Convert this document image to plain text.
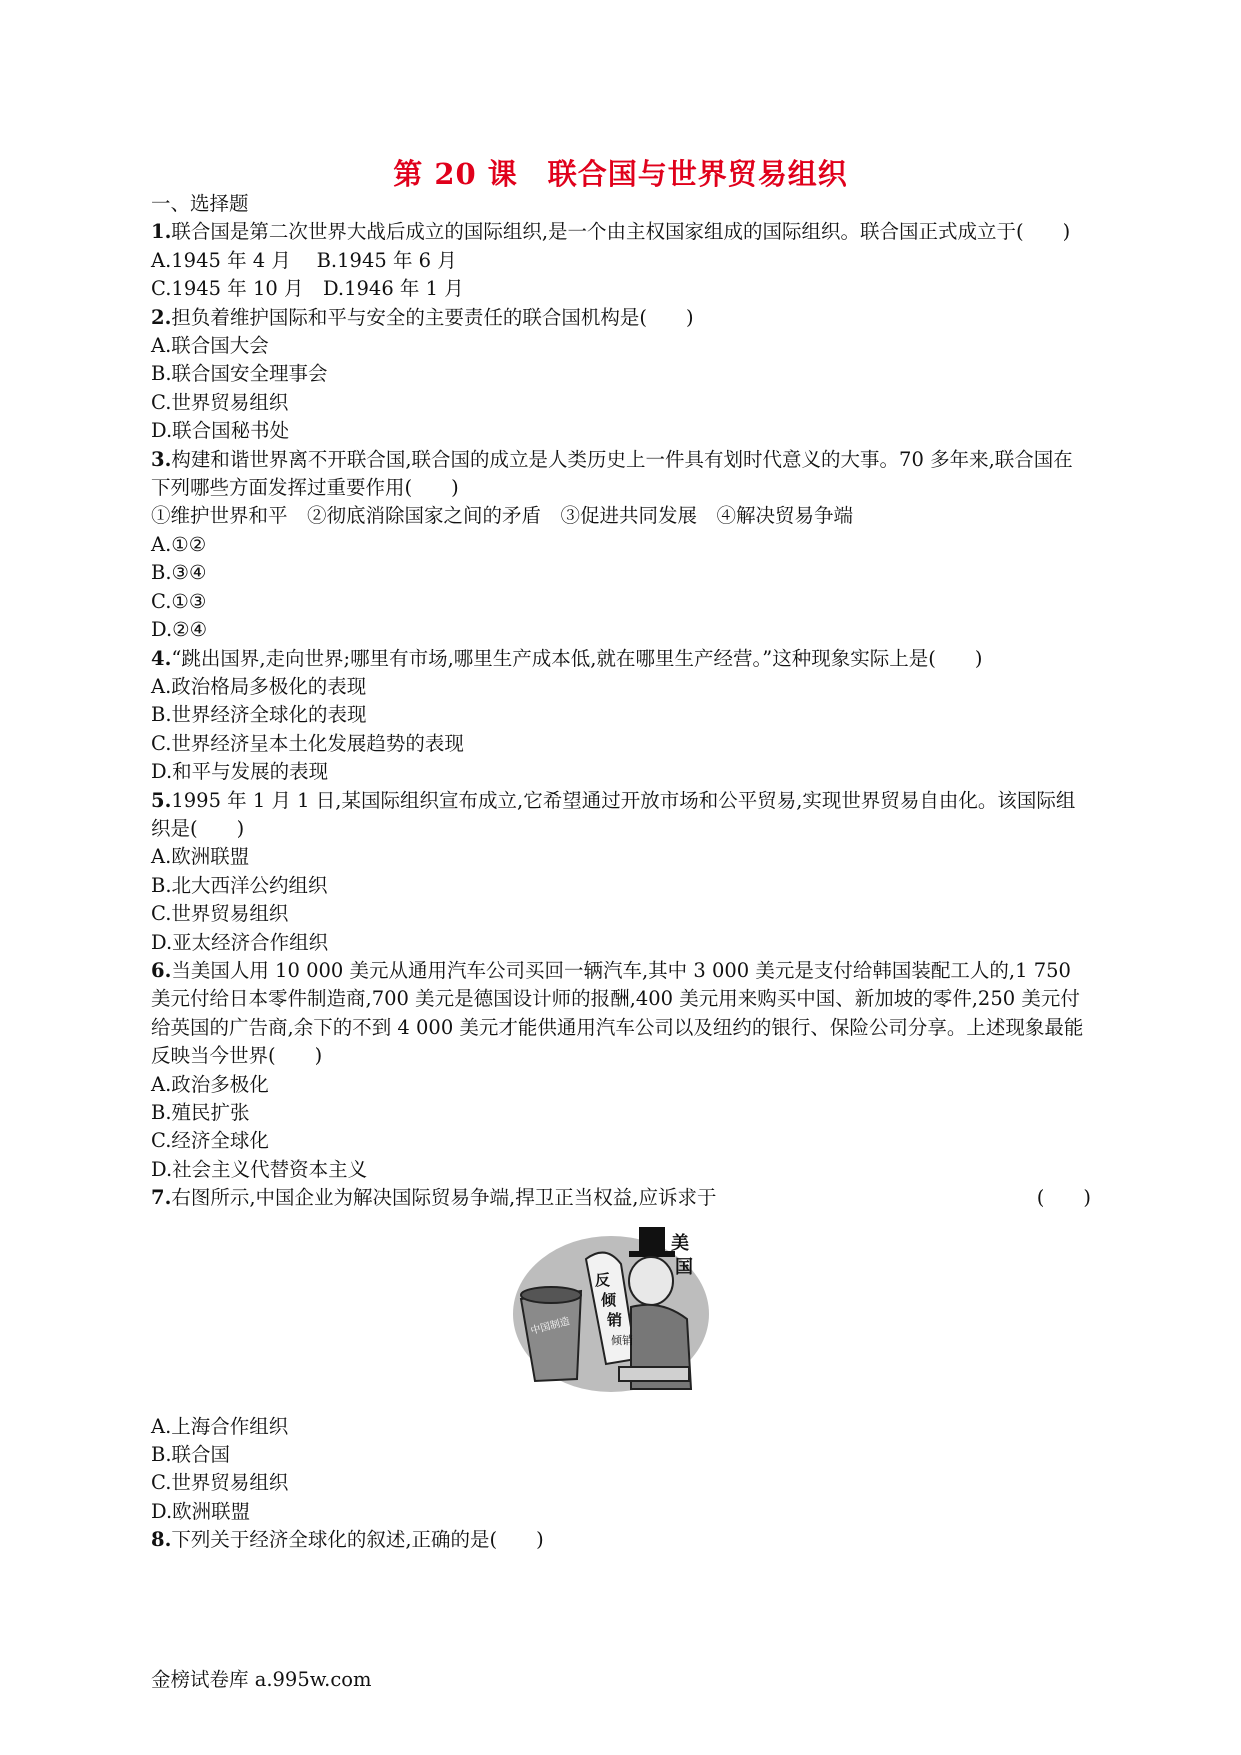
第 20 课　联合国与世界贸易组织
一、选择题
1.联合国是第二次世界大战后成立的国际组织,是一个由主权国家组成的国际组织。联合国正式成立于(　　)
A.1945 年 4 月　 B.1945 年 6 月
C.1945 年 10 月　D.1946 年 1 月
2.担负着维护国际和平与安全的主要责任的联合国机构是(　　)
A.联合国大会
B.联合国安全理事会
C.世界贸易组织
D.联合国秘书处
3.构建和谐世界离不开联合国,联合国的成立是人类历史上一件具有划时代意义的大事。70 多年来,联合国在下列哪些方面发挥过重要作用(　　)
①维护世界和平　②彻底消除国家之间的矛盾　③促进共同发展　④解决贸易争端
A.①②
B.③④
C.①③
D.②④
4.“跳出国界,走向世界;哪里有市场,哪里生产成本低,就在哪里生产经营。”这种现象实际上是(　　)
A.政治格局多极化的表现
B.世界经济全球化的表现
C.世界经济呈本土化发展趋势的表现
D.和平与发展的表现
5.1995 年 1 月 1 日,某国际组织宣布成立,它希望通过开放市场和公平贸易,实现世界贸易自由化。该国际组织是(　　)
A.欧洲联盟
B.北大西洋公约组织
C.世界贸易组织
D.亚太经济合作组织
6.当美国人用 10 000 美元从通用汽车公司买回一辆汽车,其中 3 000 美元是支付给韩国装配工人的,1 750 美元付给日本零件制造商,700 美元是德国设计师的报酬,400 美元用来购买中国、新加坡的零件,250 美元付给英国的广告商,余下的不到 4 000 美元才能供通用汽车公司以及纽约的银行、保险公司分享。上述现象最能反映当今世界(　　)
A.政治多极化
B.殖民扩张
C.经济全球化
D.社会主义代替资本主义
7.右图所示,中国企业为解决国际贸易争端,捍卫正当权益,应诉求于	(　　)
美
国
反
倾
销
中国制造
倾销
A.上海合作组织
B.联合国
C.世界贸易组织
D.欧洲联盟
8.下列关于经济全球化的叙述,正确的是(　　)
金榜试卷库 a.995w.com
